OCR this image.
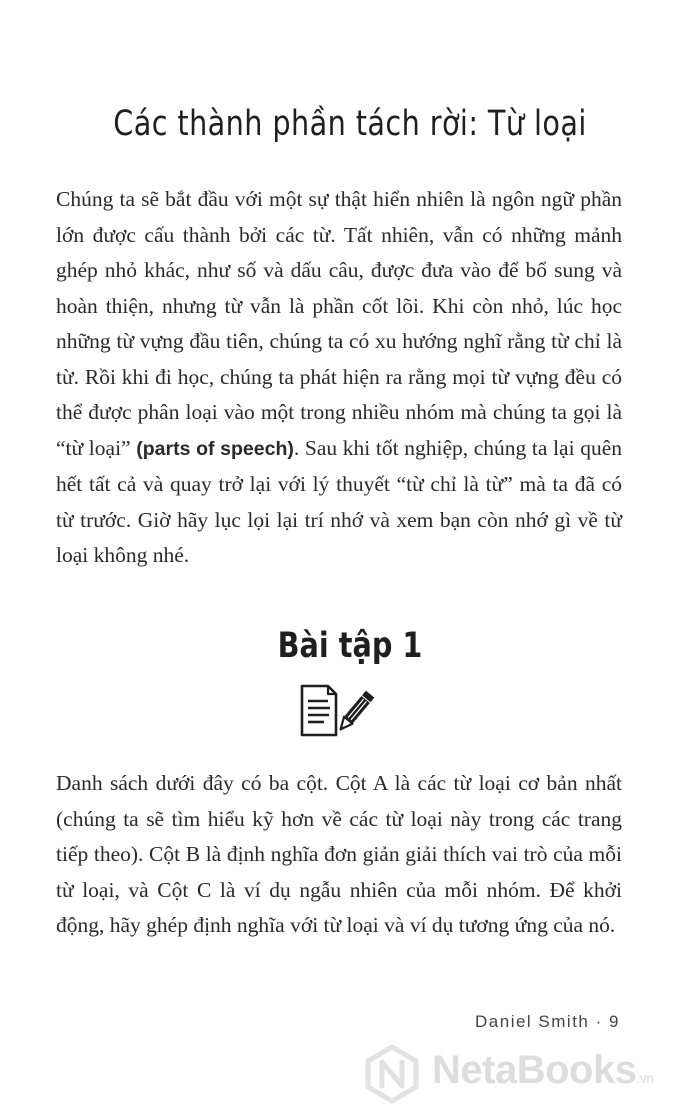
Các thành phần tách rời: Từ loại

Chúng ta sẽ bắt đầu với một sự thật hiển nhiên là ngôn ngữ phần lớn được cấu thành bởi các từ. Tất nhiên, vẫn có những mảnh ghép nhỏ khác, như số và dấu câu, được đưa vào để bổ sung và hoàn thiện, nhưng từ vẫn là phần cốt lõi. Khi còn nhỏ, lúc học những từ vựng đầu tiên, chúng ta có xu hướng nghĩ rằng từ chỉ là từ. Rồi khi đi học, chúng ta phát hiện ra rằng mọi từ vựng đều có thể được phân loại vào một trong nhiều nhóm mà chúng ta gọi là “từ loại” (parts of speech). Sau khi tốt nghiệp, chúng ta lại quên hết tất cả và quay trở lại với lý thuyết “từ chỉ là từ” mà ta đã có từ trước. Giờ hãy lục lọi lại trí nhớ và xem bạn còn nhớ gì về từ loại không nhé.

Bài tập 1

Danh sách dưới đây có ba cột. Cột A là các từ loại cơ bản nhất (chúng ta sẽ tìm hiểu kỹ hơn về các từ loại này trong các trang tiếp theo). Cột B là định nghĩa đơn giản giải thích vai trò của mỗi từ loại, và Cột C là ví dụ ngẫu nhiên của mỗi nhóm. Để khởi động, hãy ghép định nghĩa với từ loại và ví dụ tương ứng của nó.

Daniel Smith · 9
NetaBooks.vn
